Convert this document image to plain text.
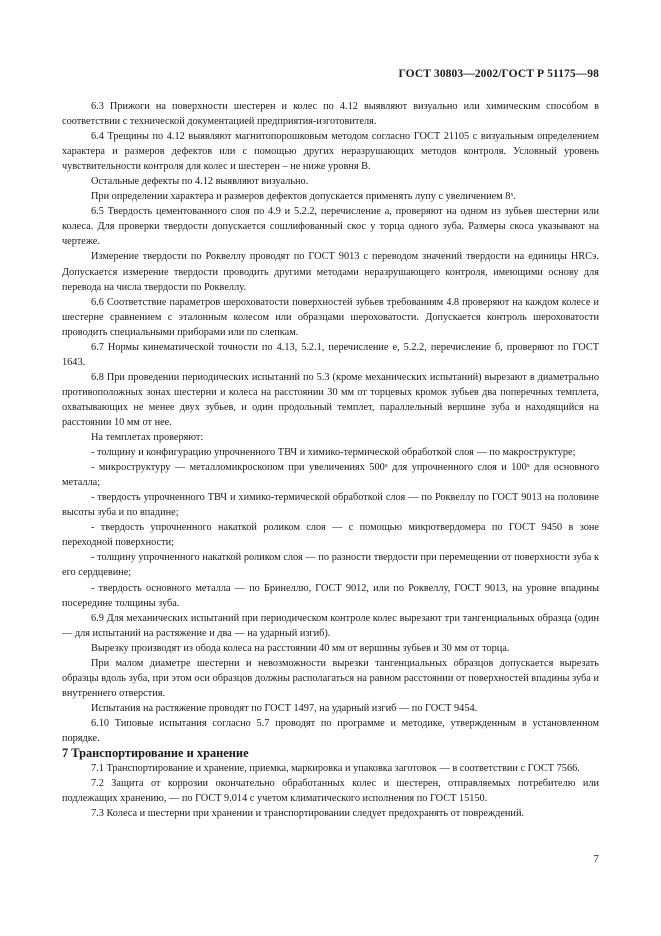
ГОСТ 30803—2002/ГОСТ Р 51175—98

6.3 Прижоги на поверхности шестерен и колес по 4.12 выявляют визуально или химическим способом в соответствии с технической документацией предприятия-изготовителя.

6.4 Трещины по 4.12 выявляют магнитопорошковым методом согласно ГОСТ 21105 с визуальным определением характера и размеров дефектов или с помощью других неразрушающих методов контроля. Условный уровень чувствительности контроля для колес и шестерен – не ниже уровня В.

Остальные дефекты по 4.12 выявляют визуально.

При определении характера и размеров дефектов допускается применять лупу с увеличением 8ˣ.

6.5 Твердость цементованного слоя по 4.9 и 5.2.2, перечисление а, проверяют на одном из зубьев шестерни или колеса. Для проверки твердости допускается сошлифованный скос у торца одного зуба. Размеры скоса указывают на чертеже.

Измерение твердости по Роквеллу проводят по ГОСТ 9013 с переводом значений твердости на единицы HRCэ. Допускается измерение твердости проводить другими методами неразрушающего контроля, имеющими основу для перевода на числа твердости по Роквеллу.

6.6 Соответствие параметров шероховатости поверхностей зубьев требованиям 4.8 проверяют на каждом колесе и шестерне сравнением с эталонным колесом или образцами шероховатости. Допускается контроль шероховатости проводить специальными приборами или по слепкам.

6.7 Нормы кинематической точности по 4.13, 5.2.1, перечисление е, 5.2.2, перечисление б, проверяют по ГОСТ 1643.

6.8 При проведении периодических испытаний по 5.3 (кроме механических испытаний) вырезают в диаметрально противоположных зонах шестерни и колеса на расстоянии 30 мм от торцевых кромок зубьев два поперечных темплета, охватывающих не менее двух зубьев, и один продольный темплет, параллельный вершине зуба и находящийся на расстоянии 10 мм от нее.

На темплетах проверяют:

- толщину и конфигурацию упрочненного ТВЧ и химико-термической обработкой слоя — по макроструктуре;

- микроструктуру — металломикроскопом при увеличениях 500ˣ для упрочненного слоя и 100ˣ для основного металла;

- твердость упрочненного ТВЧ и химико-термической обработкой слоя — по Роквеллу по ГОСТ 9013 на половине высоты зуба и по впадине;

- твердость упрочненного накаткой роликом слоя — с помощью микротвердомера по ГОСТ 9450 в зоне переходной поверхности;

- толщину упрочненного накаткой роликом слоя — по разности твердости при перемещении от поверхности зуба к его сердцевине;

- твердость основного металла — по Бринеллю, ГОСТ 9012, или по Роквеллу, ГОСТ 9013, на уровне впадины посередине толщины зуба.

6.9 Для механических испытаний при периодическом контроле колес вырезают три тангенциальных образца (один — для испытаний на растяжение и два — на ударный изгиб).

Вырезку производят из обода колеса на расстоянии 40 мм от вершины зубьев и 30 мм от торца.

При малом диаметре шестерни и невозможности вырезки тангенциальных образцов допускается вырезать образцы вдоль зуба, при этом оси образцов должны располагаться на равном расстоянии от поверхностей впадины зуба и внутреннего отверстия.

Испытания на растяжение проводят по ГОСТ 1497, на ударный изгиб — по ГОСТ 9454.

6.10 Типовые испытания согласно 5.7 проводят по программе и методике, утвержденным в установленном порядке.

7 Транспортирование и хранение

7.1 Транспортирование и хранение, приемка, маркировка и упаковка заготовок — в соответствии с ГОСТ 7566.

7.2 Защита от коррозии окончательно обработанных колес и шестерен, отправляемых потребителю или подлежащих хранению, — по ГОСТ 9.014 с учетом климатического исполнения по ГОСТ 15150.

7.3 Колеса и шестерни при хранении и транспортировании следует предохранять от повреждений.

7
